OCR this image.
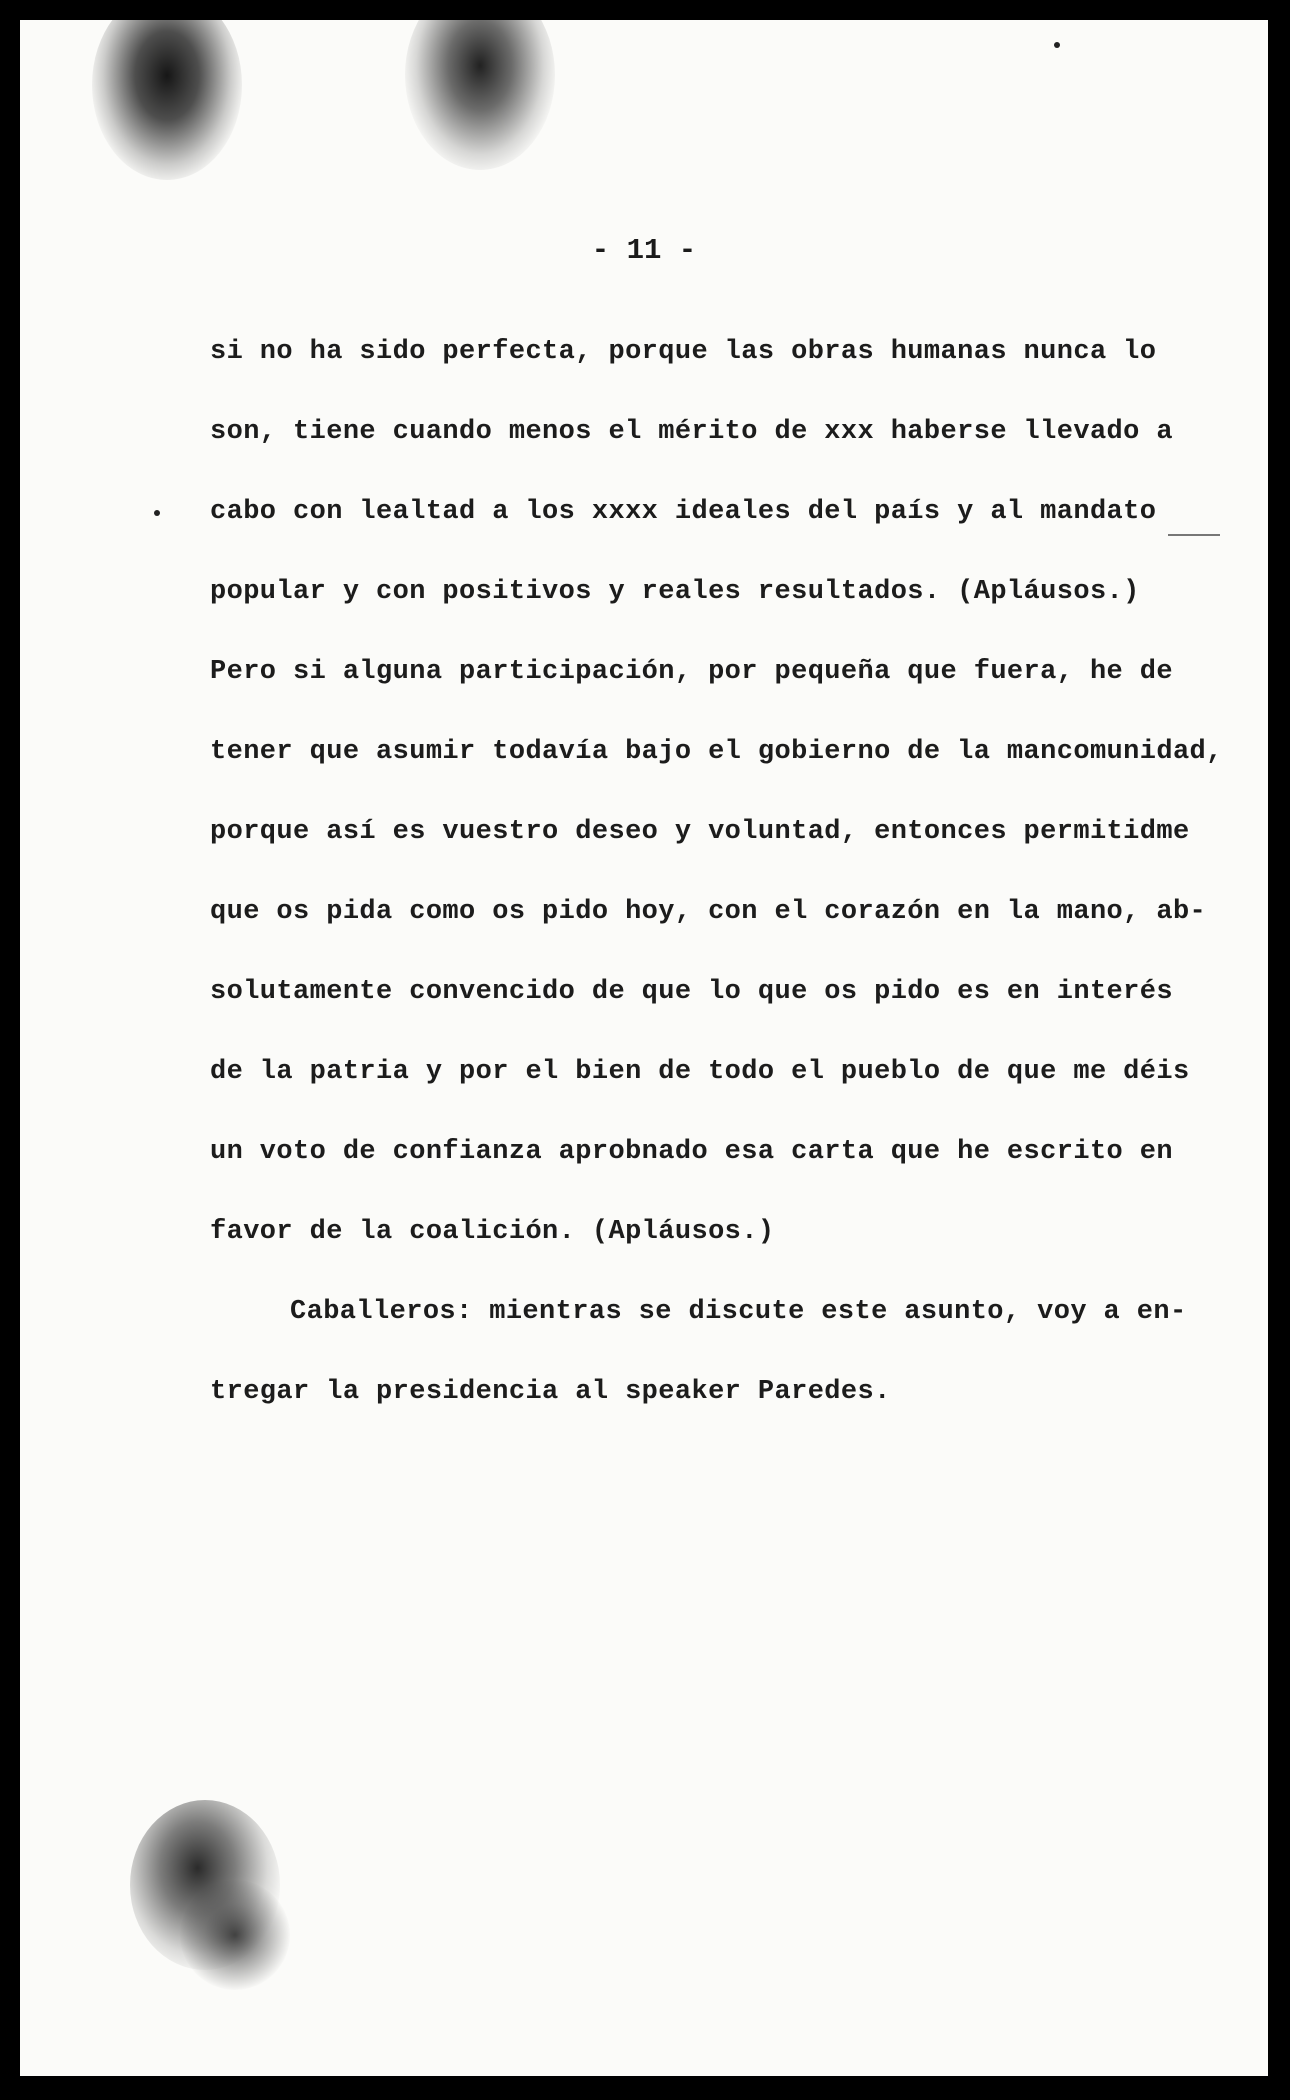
- 11 -

si no ha sido perfecta, porque las obras humanas nunca lo

son, tiene cuando menos el mérito de xxx haberse llevado a

cabo con lealtad a los xxxx ideales del país y al mandato

popular y con positivos y reales resultados. (Apláusos.)

Pero si alguna participación, por pequeña que fuera, he de

tener que asumir todavía bajo el gobierno de la mancomunidad,

porque así es vuestro deseo y voluntad, entonces permitidme

que os pida como os pido hoy, con el corazón en la mano, ab-

solutamente convencido de que lo que os pido es en interés

de la patria y por el bien de todo el pueblo de que me déis

un voto de confianza aprobnado esa carta que he escrito en

favor de la coalición. (Apláusos.)

Caballeros: mientras se discute este asunto, voy a en-

tregar la presidencia al speaker Paredes.
